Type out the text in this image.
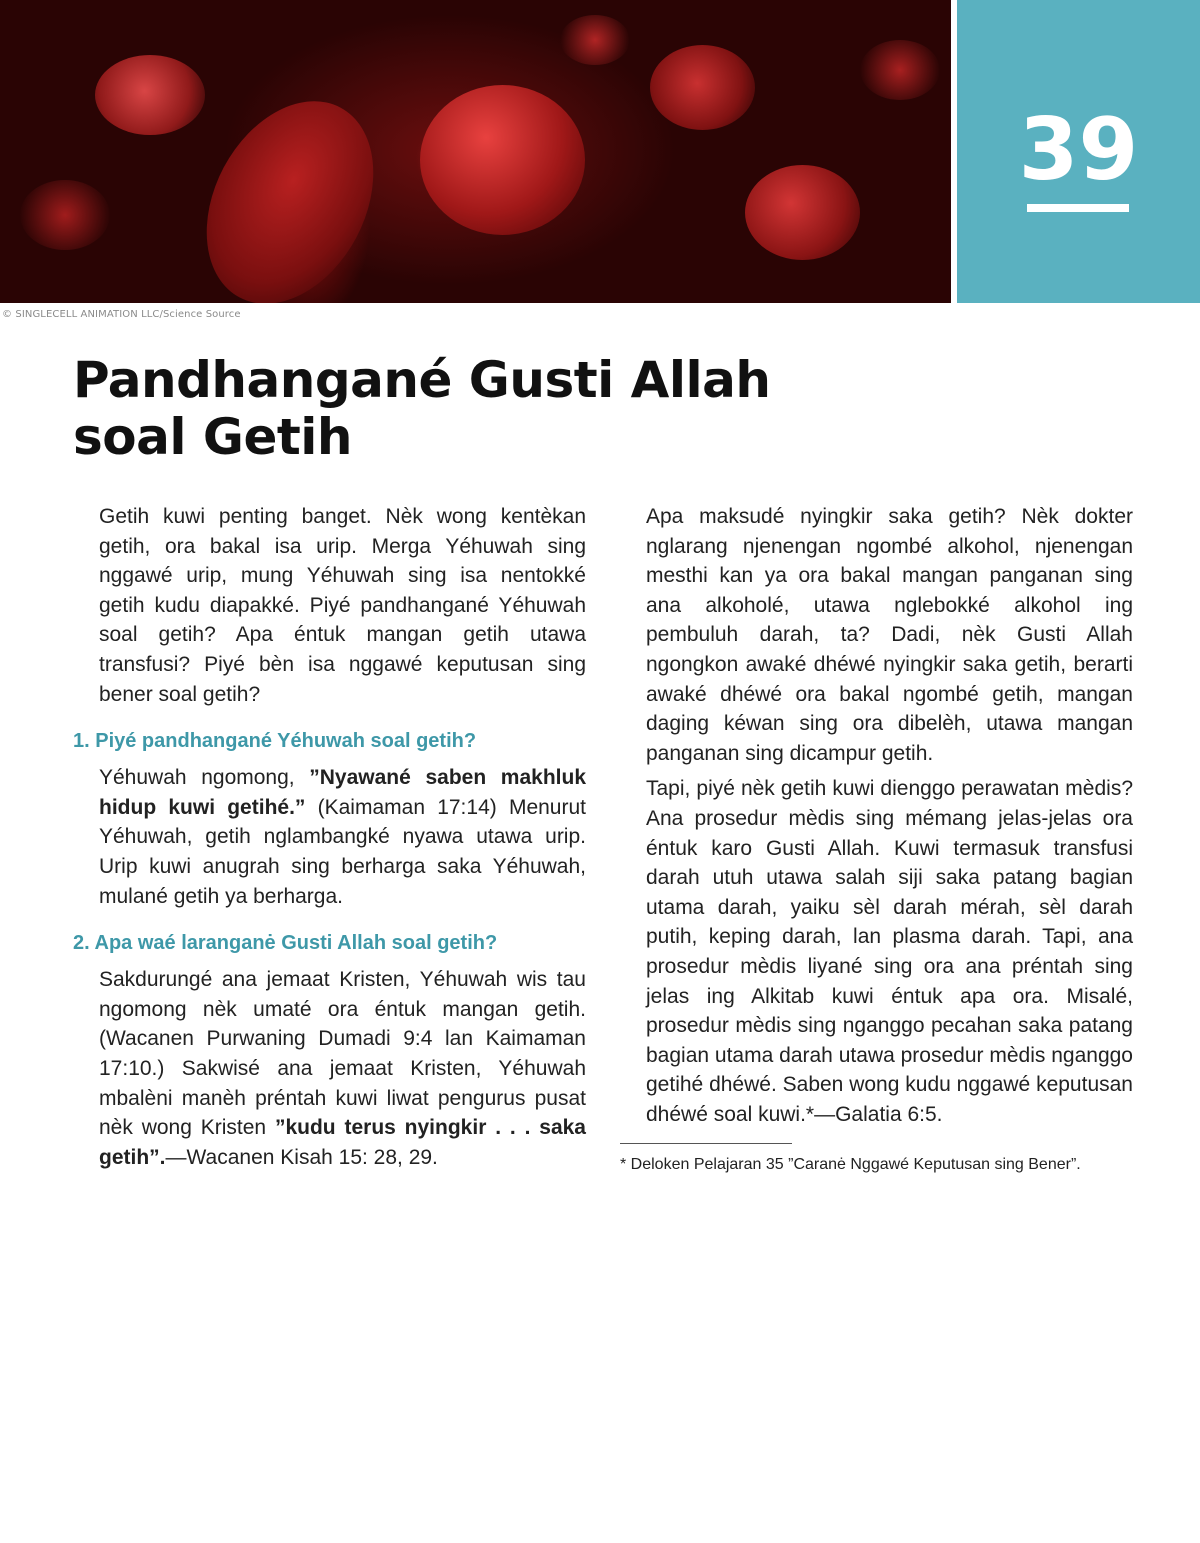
© SINGLECELL ANIMATION LLC/Science Source
39
Pandhangané Gusti Allah
soal Getih

Getih kuwi penting banget. Nèk wong kentèkan getih, ora bakal isa urip. Merga Yéhuwah sing nggawé urip, mung Yéhuwah sing isa nentokké getih kudu diapakké. Piyé pandhangané Yéhuwah soal getih? Apa éntuk mangan getih utawa transfusi? Piyé bèn isa nggawé keputusan sing bener soal getih?

1. Piyé pandhangané Yéhuwah soal getih?

Yéhuwah ngomong, ”Nyawané saben makhluk hidup kuwi getihé.” (Kaimaman 17:14) Menurut Yéhuwah, getih nglambangké nyawa utawa urip. Urip kuwi anugrah sing berharga saka Yéhuwah, mulané getih ya berharga.

2. Apa waé laranganė Gusti Allah soal getih?

Sakdurungé ana jemaat Kristen, Yéhuwah wis tau ngomong nèk umaté ora éntuk mangan getih. (Wacanen Purwaning Dumadi 9:4 lan Kaimaman 17:10.) Sakwisé ana jemaat Kristen, Yéhuwah mbalèni manèh préntah kuwi liwat pengurus pusat nèk wong Kristen ”kudu terus nyingkir . . . saka getih”.—Wacanen Kisah 15: 28, 29.

Apa maksudé nyingkir saka getih? Nèk dokter nglarang njenengan ngombé alkohol, njenengan mesthi kan ya ora bakal mangan panganan sing ana alkoholé, utawa nglebokké alkohol ing pembuluh darah, ta? Dadi, nèk Gusti Allah ngongkon awaké dhéwé nyingkir saka getih, berarti awaké dhéwé ora bakal ngombé getih, mangan daging kéwan sing ora dibelèh, utawa mangan panganan sing dicampur getih.

Tapi, piyé nèk getih kuwi dienggo perawatan mèdis? Ana prosedur mèdis sing mémang jelas-jelas ora éntuk karo Gusti Allah. Kuwi termasuk transfusi darah utuh utawa salah siji saka patang bagian utama darah, yaiku sèl darah mérah, sèl darah putih, keping darah, lan plasma darah. Tapi, ana prosedur mèdis liyané sing ora ana préntah sing jelas ing Alkitab kuwi éntuk apa ora. Misalé, prosedur mèdis sing nganggo pecahan saka patang bagian utama darah utawa prosedur mèdis nganggo getihé dhéwé. Saben wong kudu nggawé keputusan dhéwé soal kuwi.*—Galatia 6:5.

* Deloken Pelajaran 35 ”Caranė Nggawé Keputusan sing Bener”.
